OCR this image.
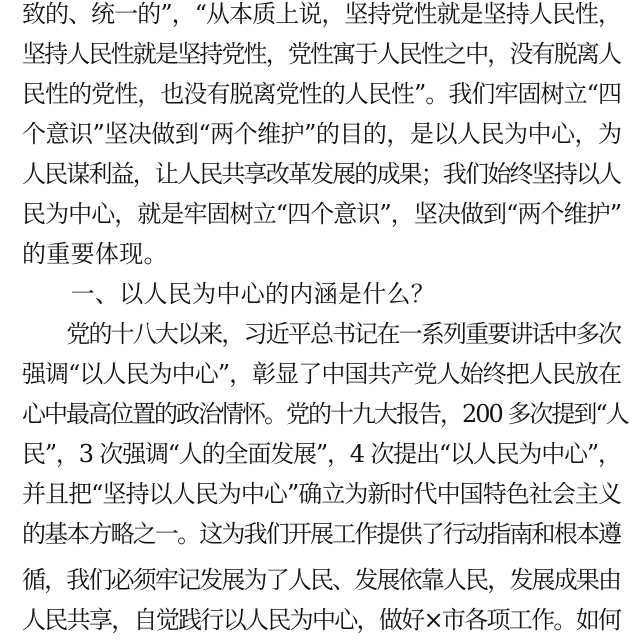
致的、统一的”，“从本质上说，坚持党性就是坚持人民性，
坚持人民性就是坚持党性，党性寓于人民性之中，没有脱离人
民性的党性，也没有脱离党性的人民性”。我们牢固树立“四
个意识”坚决做到“两个维护”的目的，是以人民为中心，为
人民谋利益，让人民共享改革发展的成果；我们始终坚持以人
民为中心，就是牢固树立“四个意识”，坚决做到“两个维护”
的重要体现。
　　一、以人民为中心的内涵是什么？
　　党的十八大以来，习近平总书记在一系列重要讲话中多次
强调“以人民为中心”，彰显了中国共产党人始终把人民放在
心中最高位置的政治情怀。党的十九大报告，200 多次提到“人
民”，3 次强调“人的全面发展”，4 次提出“以人民为中心”，
并且把“坚持以人民为中心”确立为新时代中国特色社会主义
的基本方略之一。这为我们开展工作提供了行动指南和根本遵
循，我们必须牢记发展为了人民、发展依靠人民，发展成果由
人民共享，自觉践行以人民为中心，做好×市各项工作。如何
